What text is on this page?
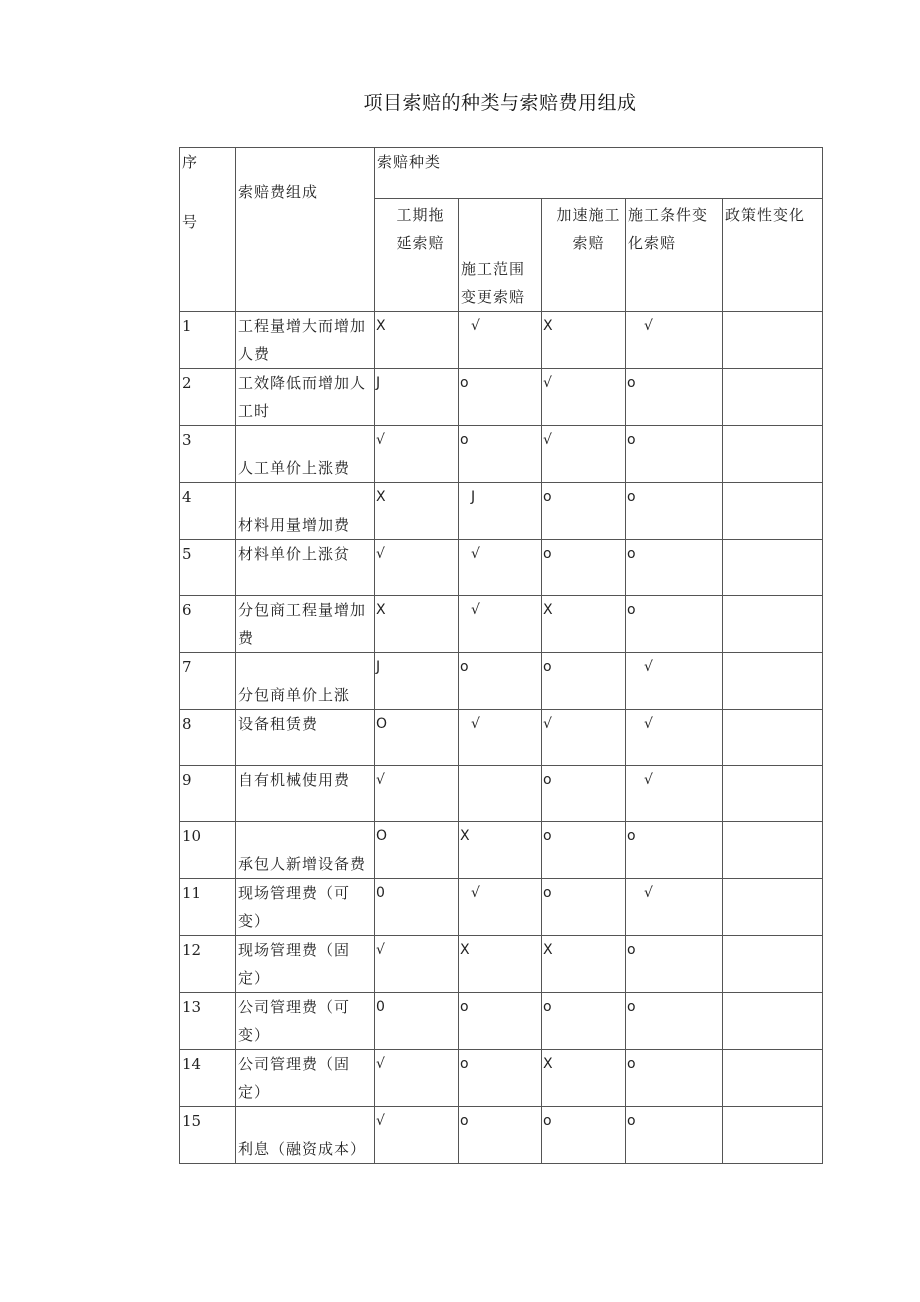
项目索赔的种类与索赔费用组成
序
号	索赔费组成	索赔种类				

		工期拖延索赔	施工范围变更索赔	加速施工索赔	施工条件变化索赔	政策性变化

1	工程量增大而增加人费	X	√	X	√	

2	工效降低而增加人工时	J	o	√	o	

3	人工单价上涨费	√	o	√	o	

4	材料用量增加费	X	J	o	o	

5	材料单价上涨贫	√	√	o	o	

6	分包商工程量增加费	X	√	X	o	

7	分包商单价上涨	J	o	o	√	

8	设备租赁费	O	√	√	√	

9	自有机械使用费	√		o	√	

10	承包人新增设备费	O	X	o	o	

11	现场管理费（可变）	0	√	o	√	

12	现场管理费（固定）	√	X	X	o	

13	公司管理费（可变）	0	o	o	o	

14	公司管理费（固定）	√	o	X	o	

15	利息（融资成本）	√	o	o	o	
